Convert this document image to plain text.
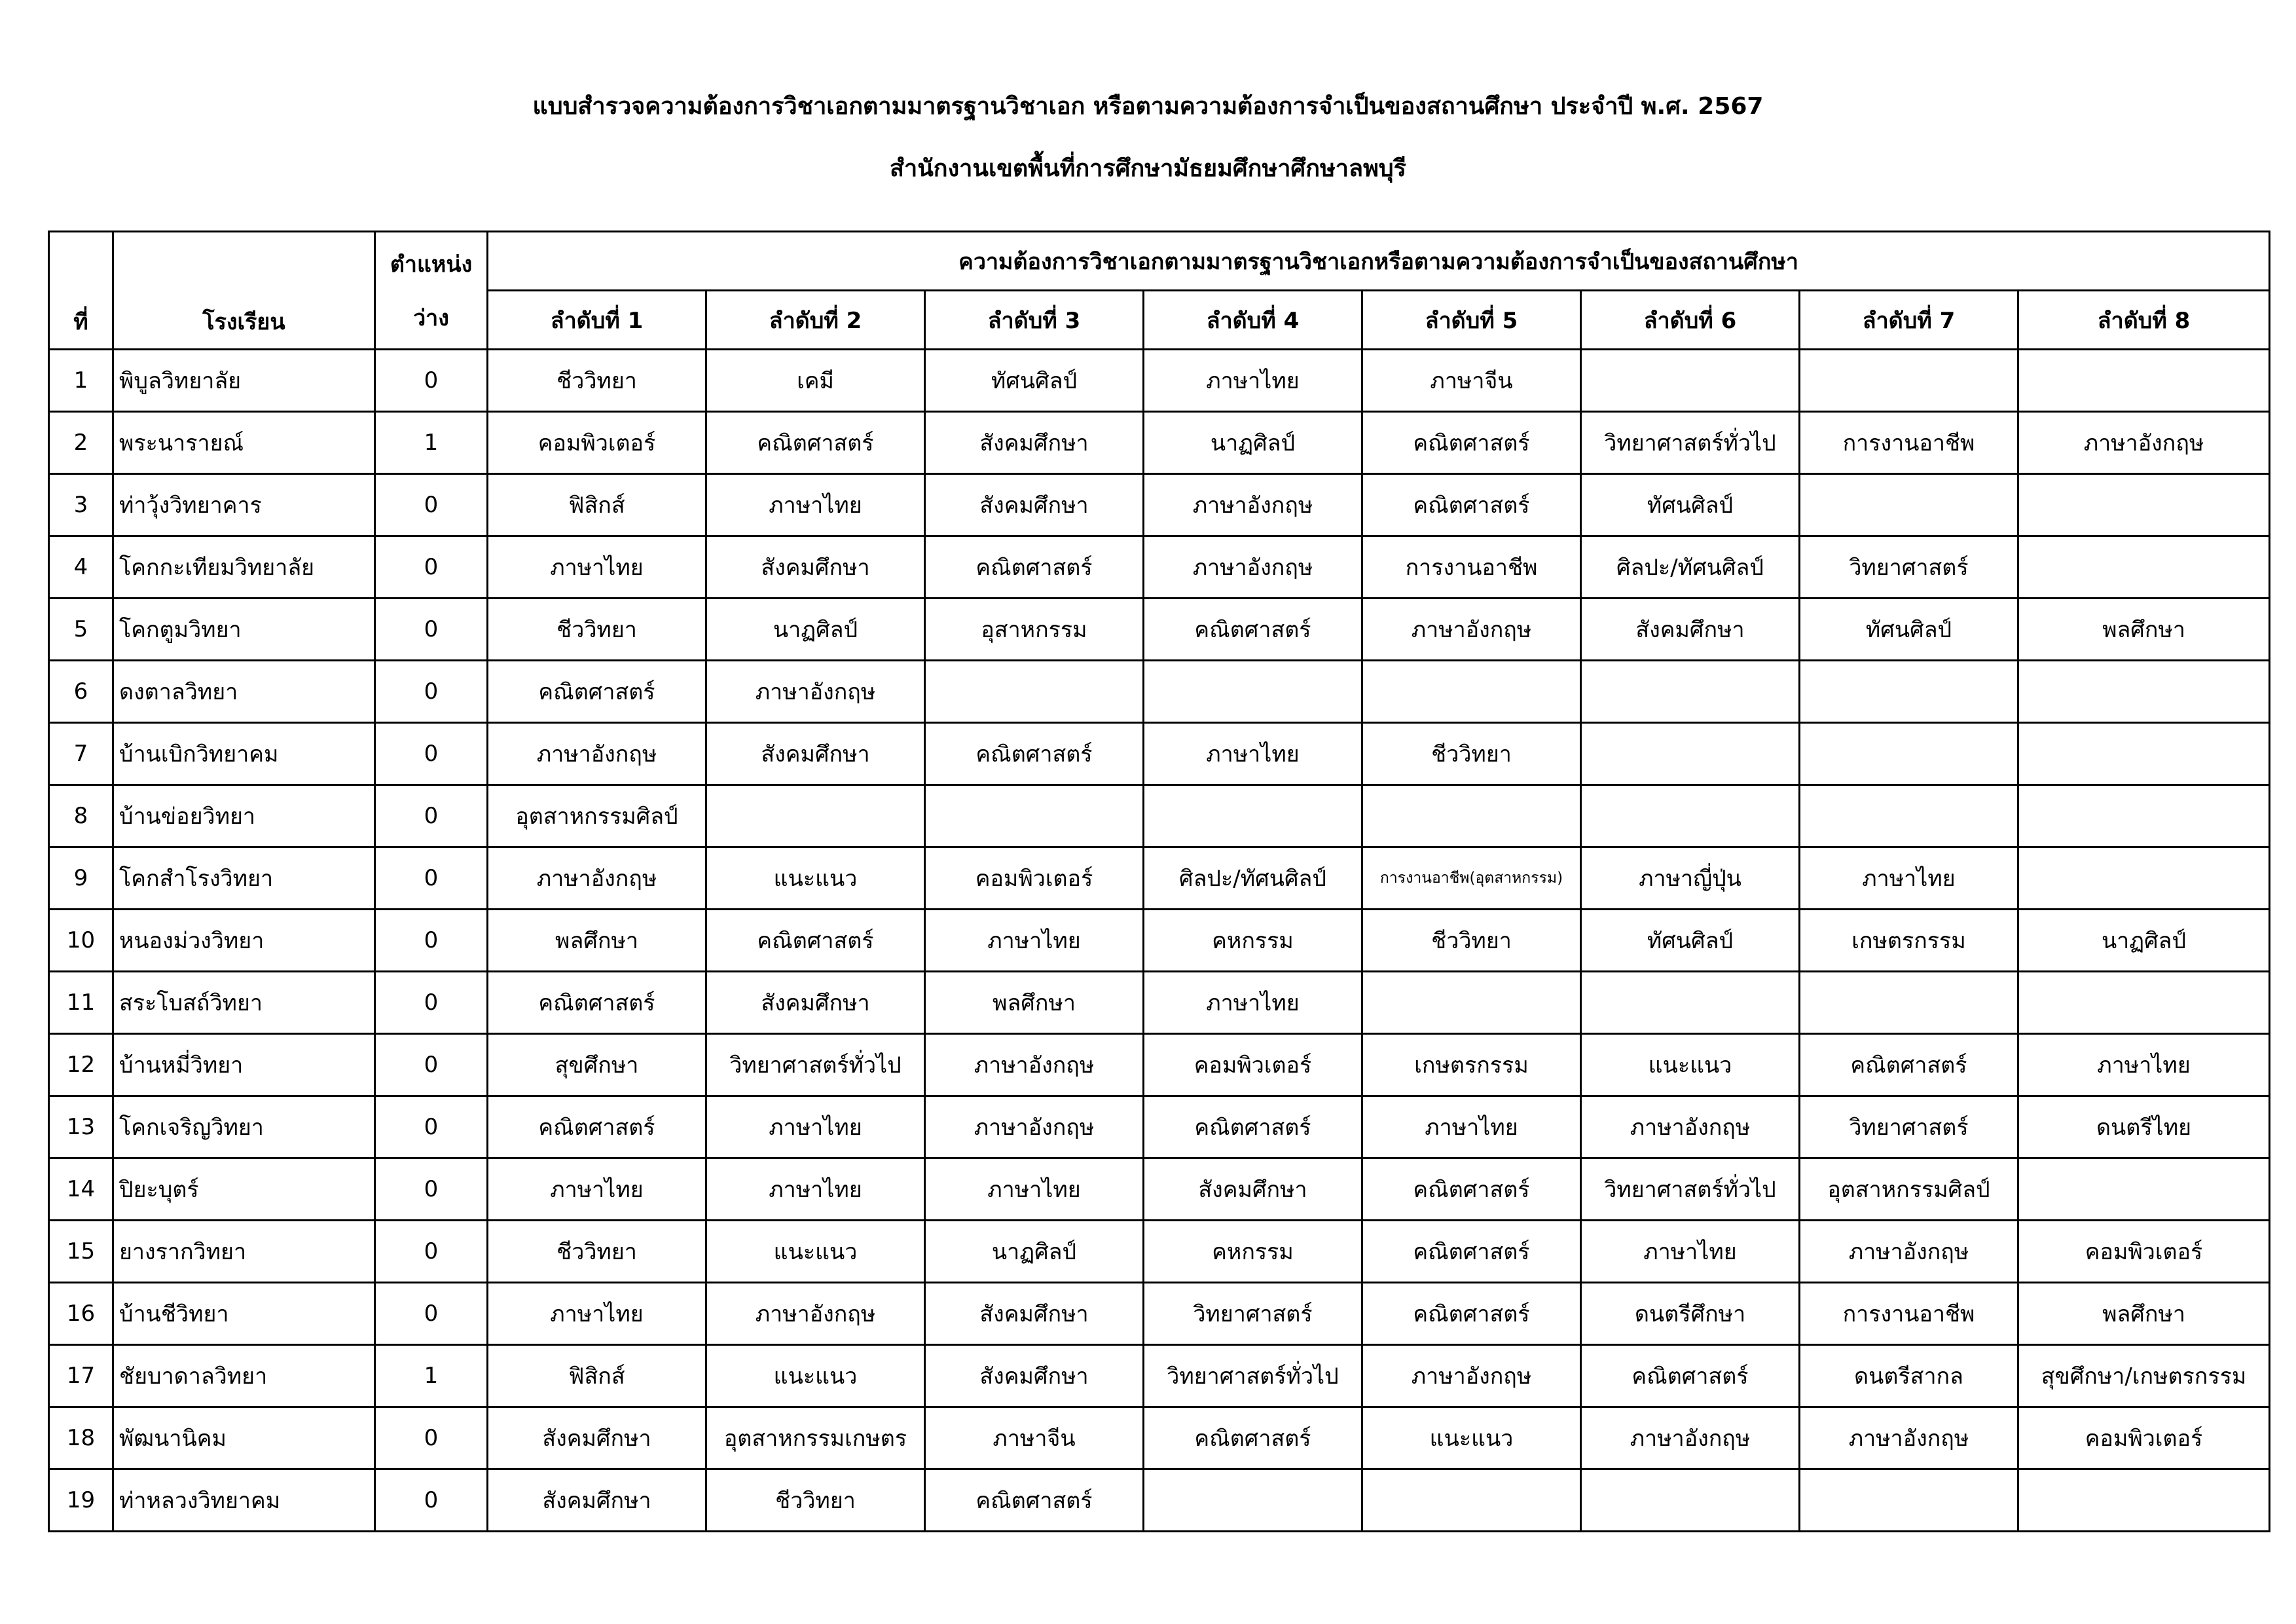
แบบสำรวจความต้องการวิชาเอกตามมาตรฐานวิชาเอก หรือตามความต้องการจำเป็นของสถานศึกษา ประจำปี พ.ศ. 2567
สำนักงานเขตพื้นที่การศึกษามัธยมศึกษาศึกษาลพบุรี
ที่	โรงเรียน	ตำแหน่ง
ว่าง	ความต้องการวิชาเอกตามมาตรฐานวิชาเอกหรือตามความต้องการจำเป็นของสถานศึกษา							
			ลำดับที่ 1	ลำดับที่ 2	ลำดับที่ 3	ลำดับที่ 4	ลำดับที่ 5	ลำดับที่ 6	ลำดับที่ 7	ลำดับที่ 8
1	พิบูลวิทยาลัย	0	ชีววิทยา	เคมี	ทัศนศิลป์	ภาษาไทย	ภาษาจีน			
2	พระนารายณ์	1	คอมพิวเตอร์	คณิตศาสตร์	สังคมศึกษา	นาฏศิลป์	คณิตศาสตร์	วิทยาศาสตร์ทั่วไป	การงานอาชีพ	ภาษาอังกฤษ
3	ท่าวุ้งวิทยาคาร	0	ฟิสิกส์	ภาษาไทย	สังคมศึกษา	ภาษาอังกฤษ	คณิตศาสตร์	ทัศนศิลป์		
4	โคกกะเทียมวิทยาลัย	0	ภาษาไทย	สังคมศึกษา	คณิตศาสตร์	ภาษาอังกฤษ	การงานอาชีพ	ศิลปะ/ทัศนศิลป์	วิทยาศาสตร์	
5	โคกตูมวิทยา	0	ชีววิทยา	นาฏศิลป์	อุสาหกรรม	คณิตศาสตร์	ภาษาอังกฤษ	สังคมศึกษา	ทัศนศิลป์	พลศึกษา
6	ดงตาลวิทยา	0	คณิตศาสตร์	ภาษาอังกฤษ						
7	บ้านเบิกวิทยาคม	0	ภาษาอังกฤษ	สังคมศึกษา	คณิตศาสตร์	ภาษาไทย	ชีววิทยา			
8	บ้านข่อยวิทยา	0	อุตสาหกรรมศิลป์							
9	โคกสำโรงวิทยา	0	ภาษาอังกฤษ	แนะแนว	คอมพิวเตอร์	ศิลปะ/ทัศนศิลป์	การงานอาชีพ(อุตสาหกรรม)	ภาษาญี่ปุ่น	ภาษาไทย	
10	หนองม่วงวิทยา	0	พลศึกษา	คณิตศาสตร์	ภาษาไทย	คหกรรม	ชีววิทยา	ทัศนศิลป์	เกษตรกรรม	นาฏศิลป์
11	สระโบสถ์วิทยา	0	คณิตศาสตร์	สังคมศึกษา	พลศึกษา	ภาษาไทย				
12	บ้านหมี่วิทยา	0	สุขศึกษา	วิทยาศาสตร์ทั่วไป	ภาษาอังกฤษ	คอมพิวเตอร์	เกษตรกรรม	แนะแนว	คณิตศาสตร์	ภาษาไทย
13	โคกเจริญวิทยา	0	คณิตศาสตร์	ภาษาไทย	ภาษาอังกฤษ	คณิตศาสตร์	ภาษาไทย	ภาษาอังกฤษ	วิทยาศาสตร์	ดนตรีไทย
14	ปิยะบุตร์	0	ภาษาไทย	ภาษาไทย	ภาษาไทย	สังคมศึกษา	คณิตศาสตร์	วิทยาศาสตร์ทั่วไป	อุตสาหกรรมศิลป์	
15	ยางรากวิทยา	0	ชีววิทยา	แนะแนว	นาฏศิลป์	คหกรรม	คณิตศาสตร์	ภาษาไทย	ภาษาอังกฤษ	คอมพิวเตอร์
16	บ้านชีวิทยา	0	ภาษาไทย	ภาษาอังกฤษ	สังคมศึกษา	วิทยาศาสตร์	คณิตศาสตร์	ดนตรีศึกษา	การงานอาชีพ	พลศึกษา
17	ชัยบาดาลวิทยา	1	ฟิสิกส์	แนะแนว	สังคมศึกษา	วิทยาศาสตร์ทั่วไป	ภาษาอังกฤษ	คณิตศาสตร์	ดนตรีสากล	สุขศึกษา/เกษตรกรรม
18	พัฒนานิคม	0	สังคมศึกษา	อุตสาหกรรมเกษตร	ภาษาจีน	คณิตศาสตร์	แนะแนว	ภาษาอังกฤษ	ภาษาอังกฤษ	คอมพิวเตอร์
19	ท่าหลวงวิทยาคม	0	สังคมศึกษา	ชีววิทยา	คณิตศาสตร์					
